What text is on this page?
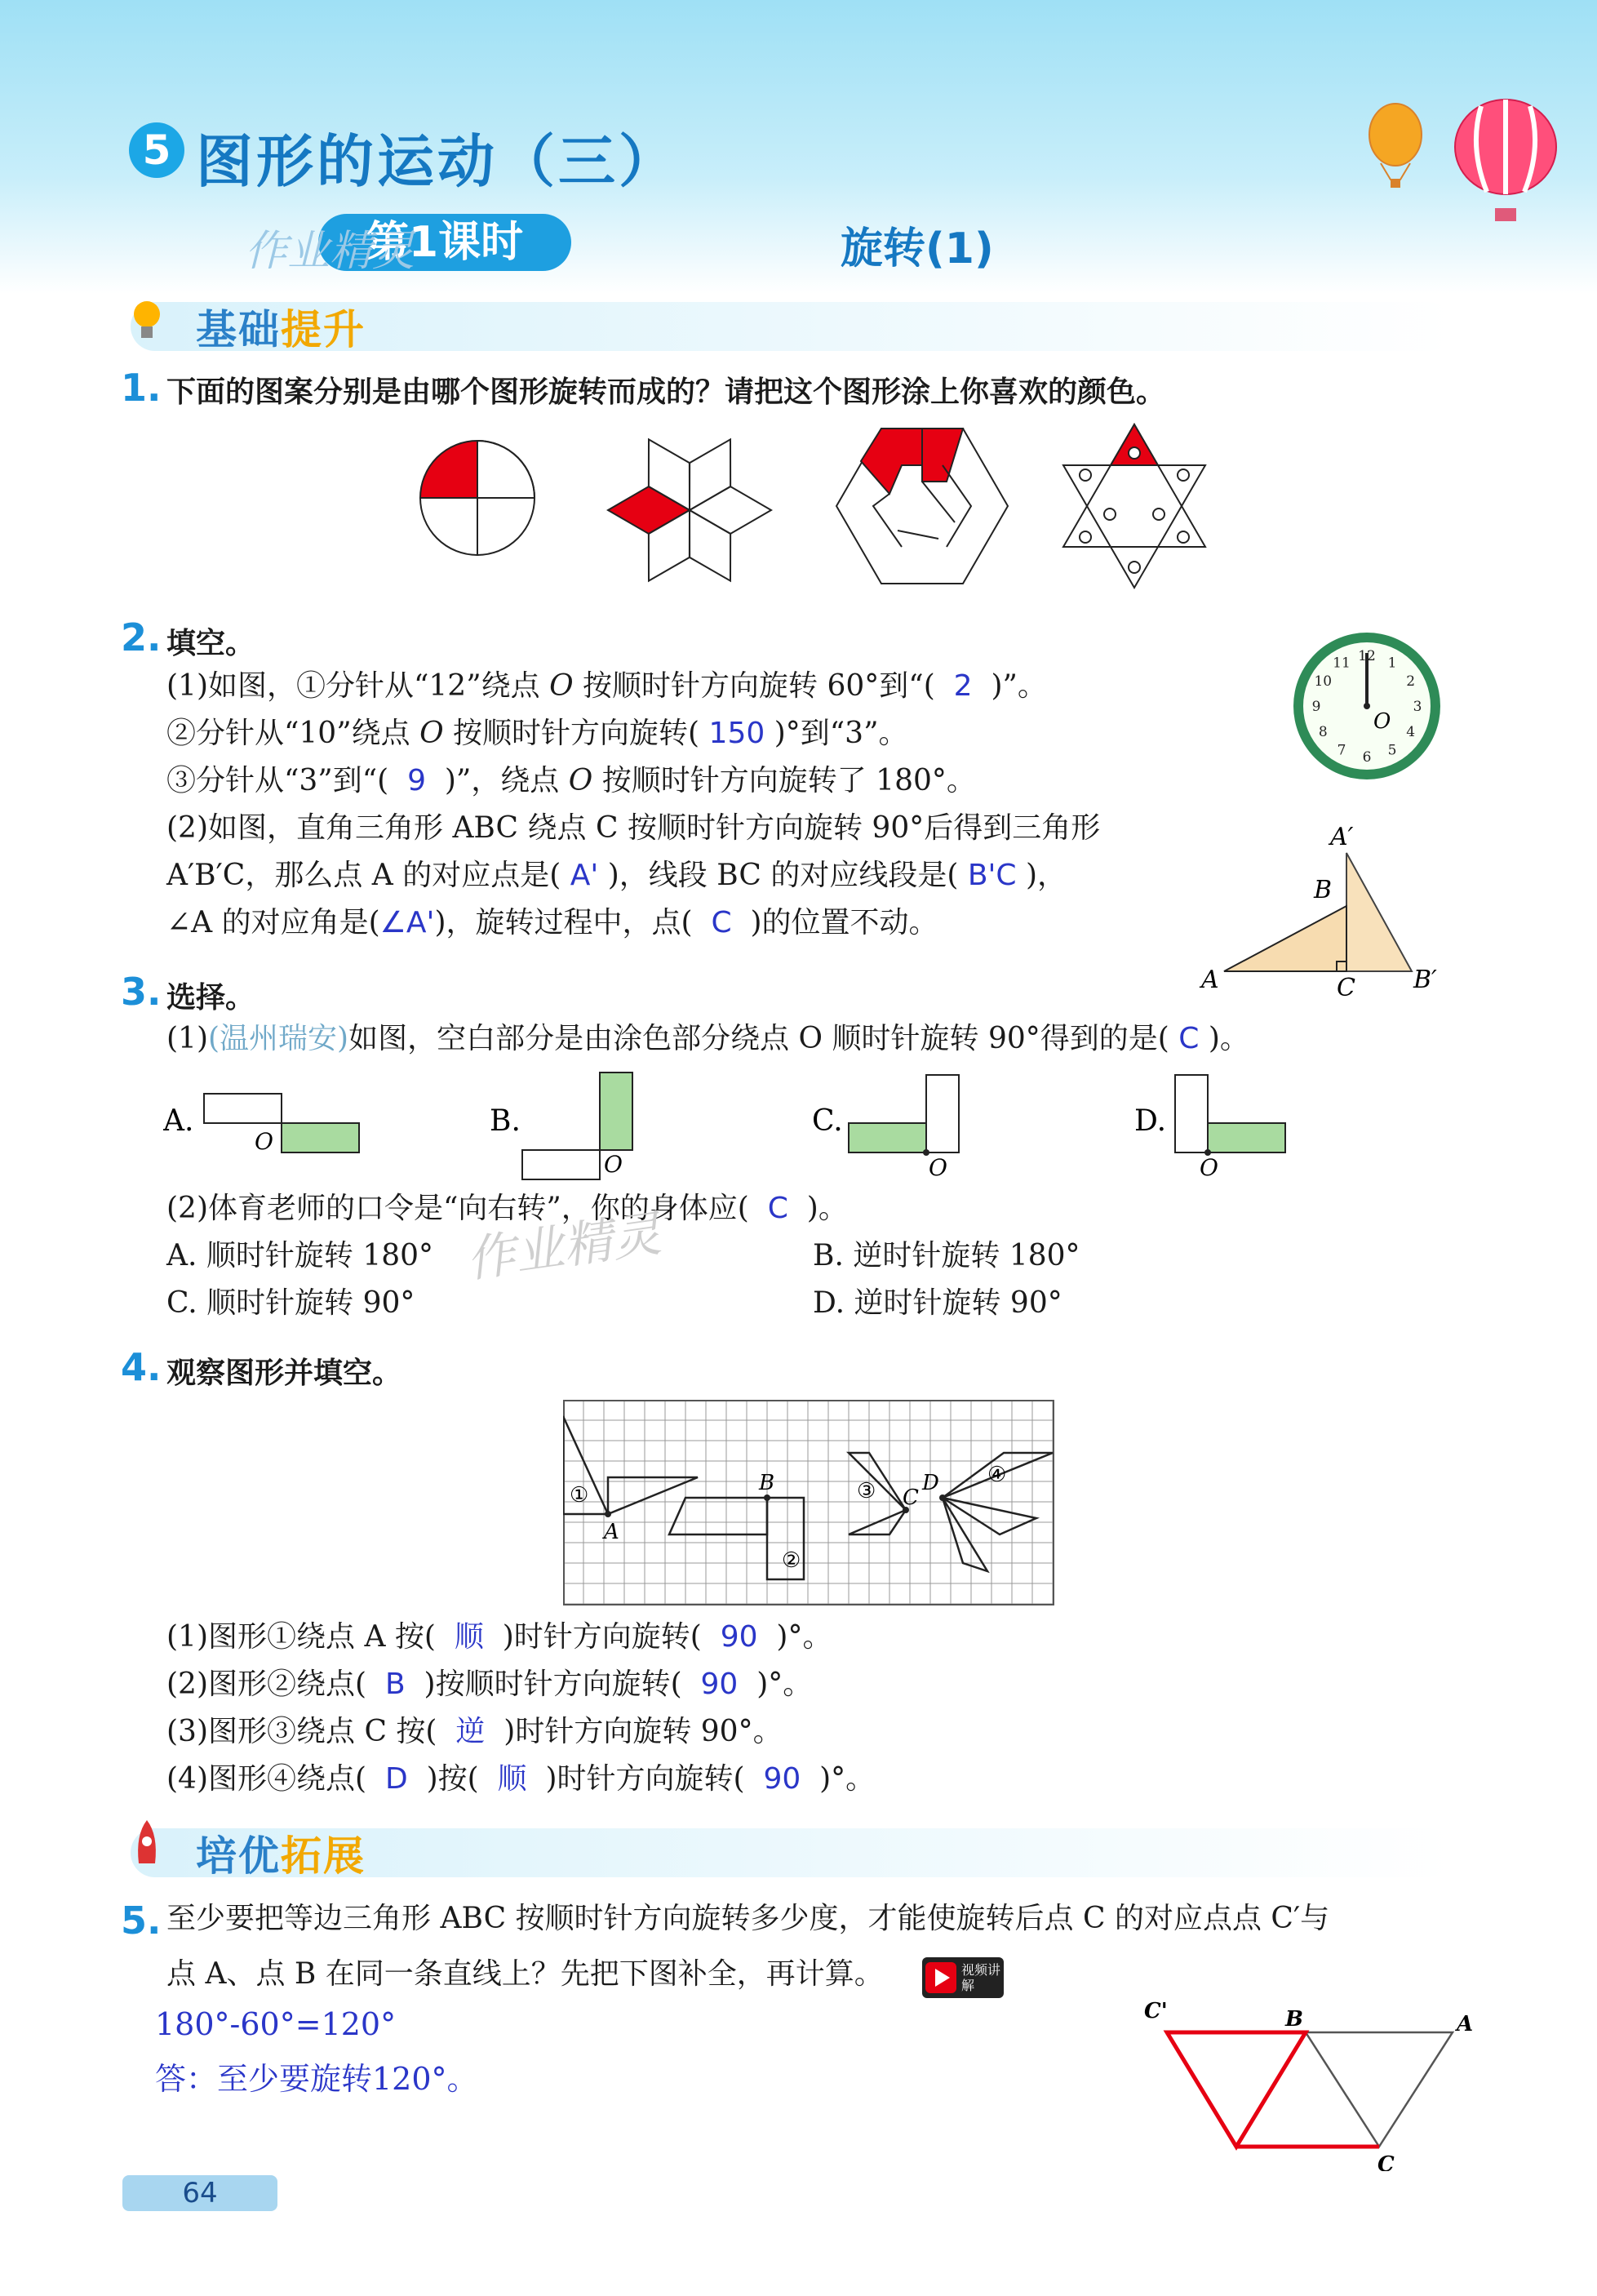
5 图形的运动（三）
第1课时
作业精灵	旋转(1)
基础提升
1. 下面的图案分别是由哪个图形旋转而成的？请把这个图形涂上你喜欢的颜色。
2. 填空。
(1)如图，①分针从“12”绕点 O 按顺时针方向旋转 60°到“( 2 )”。
②分针从“10”绕点 O 按顺时针方向旋转( 150 )°到“3”。
③分针从“3”到“( 9 )”，绕点 O 按顺时针方向旋转了 180°。
(2)如图，直角三角形 ABC 绕点 C 按顺时针方向旋转 90°后得到三角形
A′B′C，那么点 A 的对应点是( A' )，线段 BC 的对应线段是( B'C )，
∠A 的对应角是(∠A')，旋转过程中，点( C )的位置不动。
12 1
2
3
4
5
6
7
8
9
10
11
O
A
B
C
A′
B′
3. 选择。
(1)(温州瑞安)如图，空白部分是由涂色部分绕点 O 顺时针旋转 90°得到的是( C )。
A.	B.	C.	D.
O
O	O	O
(2)体育老师的口令是“向右转”，你的身体应( C )。
A. 顺时针旋转 180°	B. 逆时针旋转 180°
C. 顺时针旋转 90°	D. 逆时针旋转 90°
作业精灵
4. 观察图形并填空。
①
②
③
④
A
B
C
D
(1)图形①绕点 A 按( 顺 )时针方向旋转( 90 )°。
(2)图形②绕点( B )按顺时针方向旋转( 90 )°。
(3)图形③绕点 C 按( 逆 )时针方向旋转 90°。
(4)图形④绕点( D )按( 顺 )时针方向旋转( 90 )°。
培优拓展
5. 至少要把等边三角形 ABC 按顺时针方向旋转多少度，才能使旋转后点 C 的对应点点 C′与
点 A、点 B 在同一条直线上？先把下图补全，再计算。	视频讲解
180°-60°=120°
答：至少要旋转120°。
C'	B	A
C
64
